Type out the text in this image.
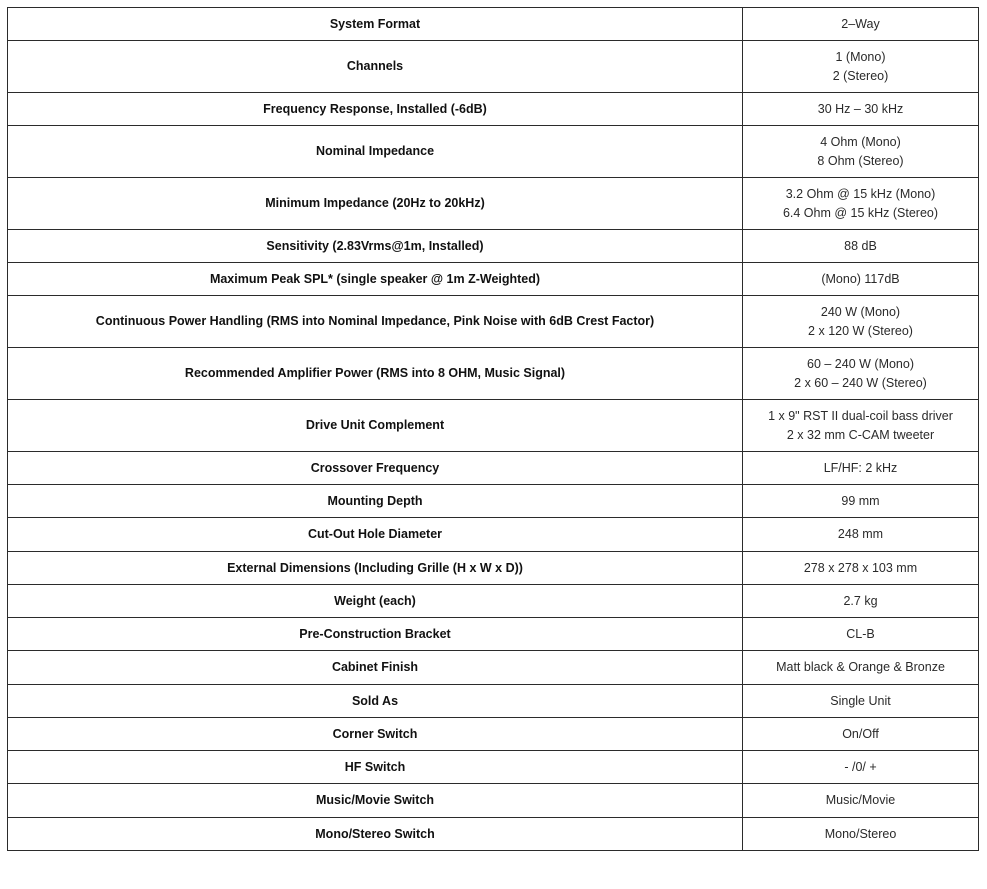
System Format	2–Way

Channels	1 (Mono)
2 (Stereo)

Frequency Response, Installed (-6dB)	30 Hz – 30 kHz

Nominal Impedance	4 Ohm (Mono)
8 Ohm (Stereo)

Minimum Impedance (20Hz to 20kHz)	3.2 Ohm @ 15 kHz (Mono)
6.4 Ohm @ 15 kHz (Stereo)

Sensitivity (2.83Vrms@1m, Installed)	88 dB

Maximum Peak SPL* (single speaker @ 1m Z-Weighted)	(Mono) 117dB

Continuous Power Handling (RMS into Nominal Impedance, Pink Noise with 6dB Crest Factor)	240 W (Mono)
2 x 120 W (Stereo)

Recommended Amplifier Power (RMS into 8 OHM, Music Signal)	60 – 240 W (Mono)
2 x 60 – 240 W (Stereo)

Drive Unit Complement	1 x 9" RST II dual-coil bass driver
2 x 32 mm C-CAM tweeter

Crossover Frequency	LF/HF: 2 kHz

Mounting Depth	99 mm

Cut-Out Hole Diameter	248 mm

External Dimensions (Including Grille (H x W x D))	278 x 278 x 103 mm

Weight (each)	2.7 kg

Pre-Construction Bracket	CL-B

Cabinet Finish	Matt black & Orange & Bronze

Sold As	Single Unit

Corner Switch	On/Off

HF Switch	- /0/ +

Music/Movie Switch	Music/Movie

Mono/Stereo Switch	Mono/Stereo
